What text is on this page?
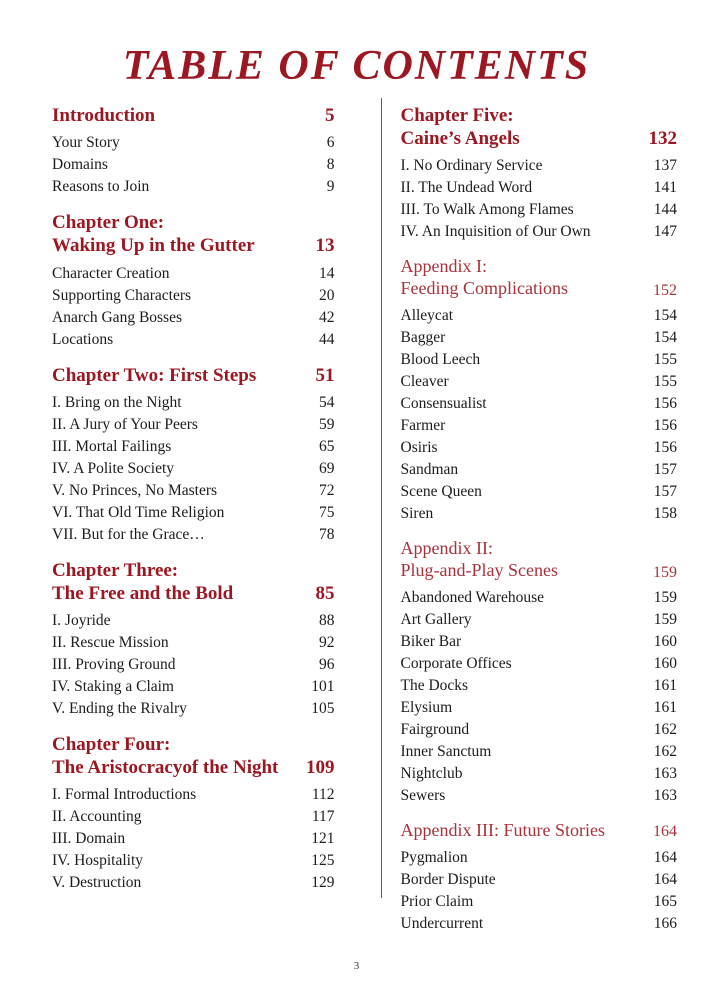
TABLE OF CONTENTS
Introduction	5
Your Story	6
Domains	8
Reasons to Join	9
Chapter One:
Waking Up in the Gutter	13
Character Creation	14
Supporting Characters	20
Anarch Gang Bosses	42
Locations	44
Chapter Two: First Steps	51
I. Bring on the Night	54
II. A Jury of Your Peers	59
III. Mortal Failings	65
IV. A Polite Society	69
V. No Princes, No Masters	72
VI. That Old Time Religion	75
VII. But for the Grace…	78
Chapter Three:
The Free and the Bold	85
I. Joyride	88
II. Rescue Mission	92
III. Proving Ground	96
IV. Staking a Claim	101
V. Ending the Rivalry	105
Chapter Four:
The Aristocracyof the Night	109
I. Formal Introductions	112
II. Accounting	117
III. Domain	121
IV. Hospitality	125
V. Destruction	129
Chapter Five:
Caine’s Angels	132
I. No Ordinary Service	137
II. The Undead Word	141
III. To Walk Among Flames	144
IV. An Inquisition of Our Own	147
Appendix I:
Feeding Complications	152
Alleycat	154
Bagger	154
Blood Leech	155
Cleaver	155
Consensualist	156
Farmer	156
Osiris	156
Sandman	157
Scene Queen	157
Siren	158
Appendix II:
Plug-and-Play Scenes	159
Abandoned Warehouse	159
Art Gallery	159
Biker Bar	160
Corporate Offices	160
The Docks	161
Elysium	161
Fairground	162
Inner Sanctum	162
Nightclub	163
Sewers	163
Appendix III: Future Stories	164
Pygmalion	164
Border Dispute	164
Prior Claim	165
Undercurrent	166
3
